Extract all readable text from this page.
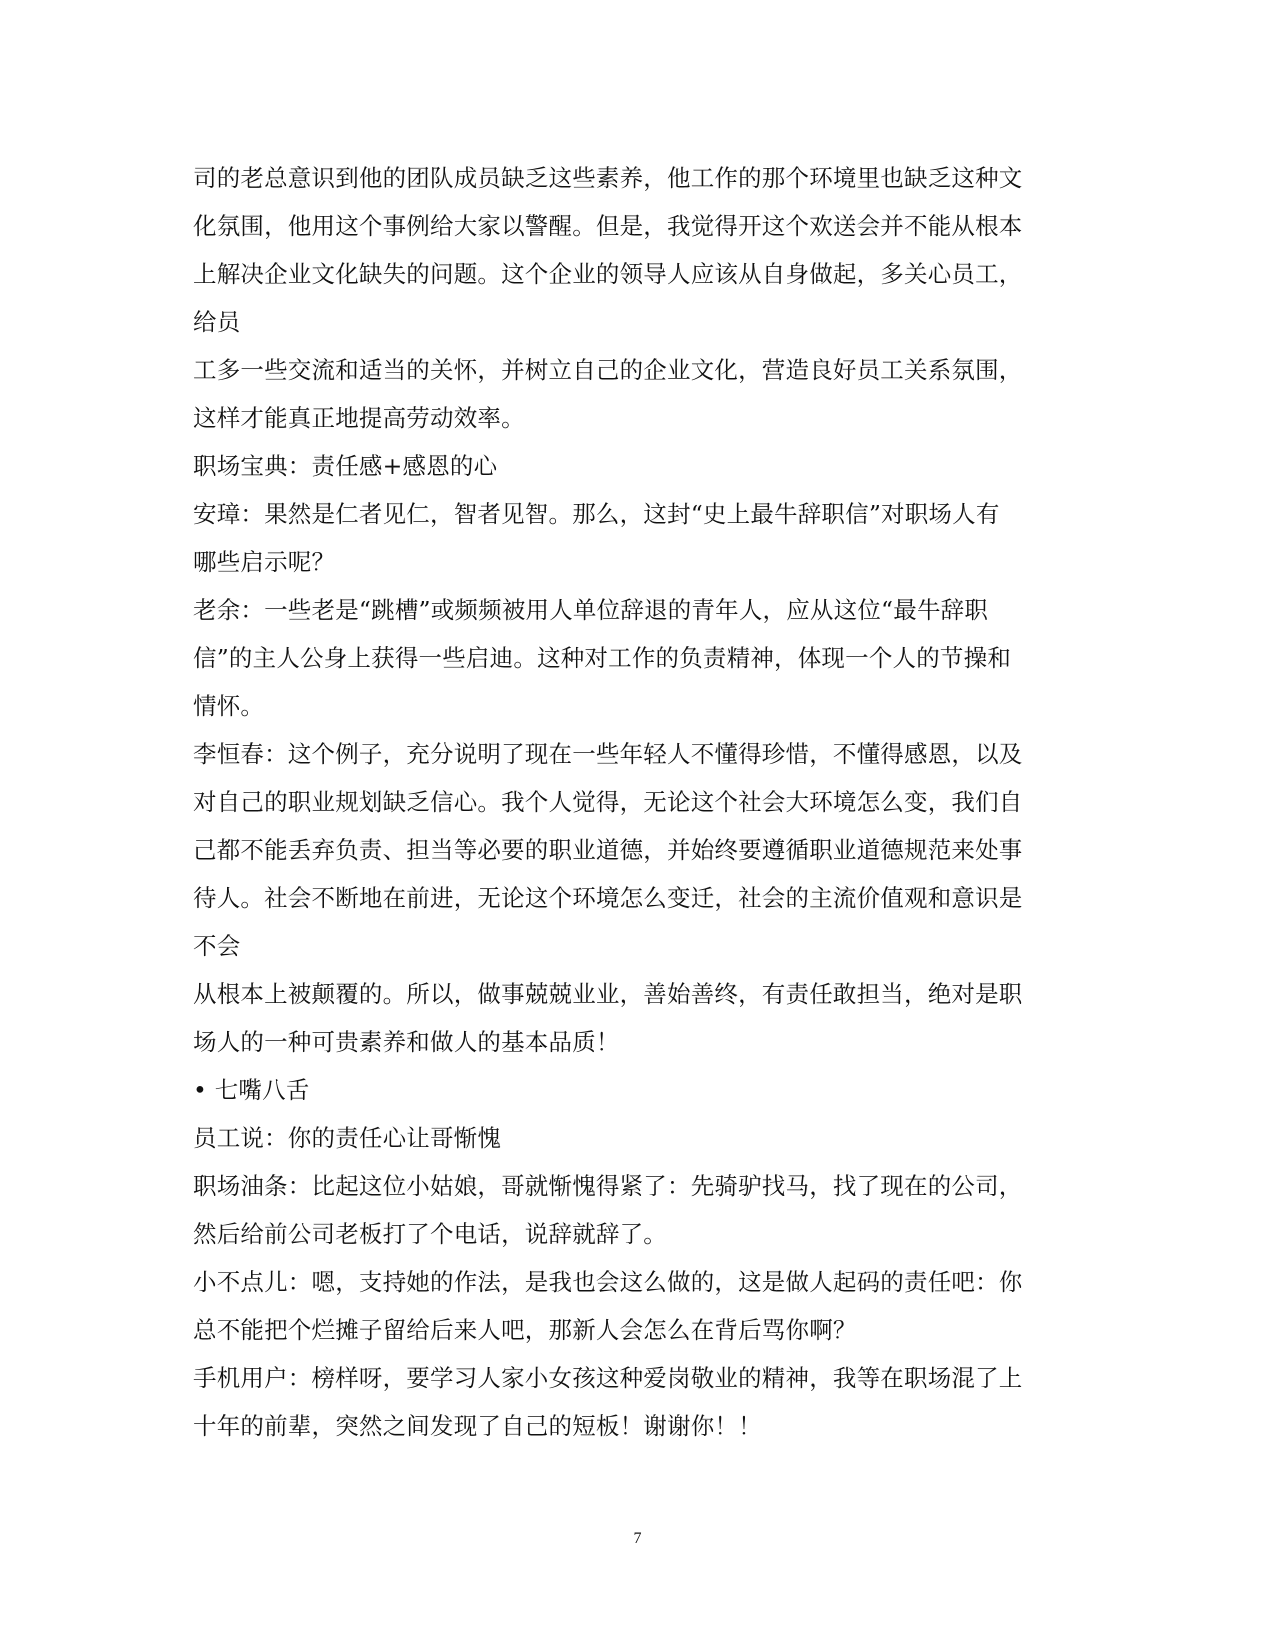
司的老总意识到他的团队成员缺乏这些素养，他工作的那个环境里也缺乏这种文
化氛围，他用这个事例给大家以警醒。但是，我觉得开这个欢送会并不能从根本
上解决企业文化缺失的问题。这个企业的领导人应该从自身做起，多关心员工，
给员
工多一些交流和适当的关怀，并树立自己的企业文化，营造良好员工关系氛围，
这样才能真正地提高劳动效率。
职场宝典：责任感+感恩的心
安璋：果然是仁者见仁，智者见智。那么，这封“史上最牛辞职信”对职场人有
哪些启示呢？
老余：一些老是“跳槽”或频频被用人单位辞退的青年人，应从这位“最牛辞职
信”的主人公身上获得一些启迪。这种对工作的负责精神，体现一个人的节操和
情怀。
李恒春：这个例子，充分说明了现在一些年轻人不懂得珍惜，不懂得感恩，以及
对自己的职业规划缺乏信心。我个人觉得，无论这个社会大环境怎么变，我们自
己都不能丢弃负责、担当等必要的职业道德，并始终要遵循职业道德规范来处事
待人。社会不断地在前进，无论这个环境怎么变迁，社会的主流价值观和意识是
不会
从根本上被颠覆的。所以，做事兢兢业业，善始善终，有责任敢担当，绝对是职
场人的一种可贵素养和做人的基本品质！
• 七嘴八舌
员工说：你的责任心让哥惭愧
职场油条：比起这位小姑娘，哥就惭愧得紧了：先骑驴找马，找了现在的公司，
然后给前公司老板打了个电话，说辞就辞了。
小不点儿：嗯，支持她的作法，是我也会这么做的，这是做人起码的责任吧：你
总不能把个烂摊子留给后来人吧，那新人会怎么在背后骂你啊？
手机用户：榜样呀，要学习人家小女孩这种爱岗敬业的精神，我等在职场混了上
十年的前辈，突然之间发现了自己的短板！谢谢你！！
7
